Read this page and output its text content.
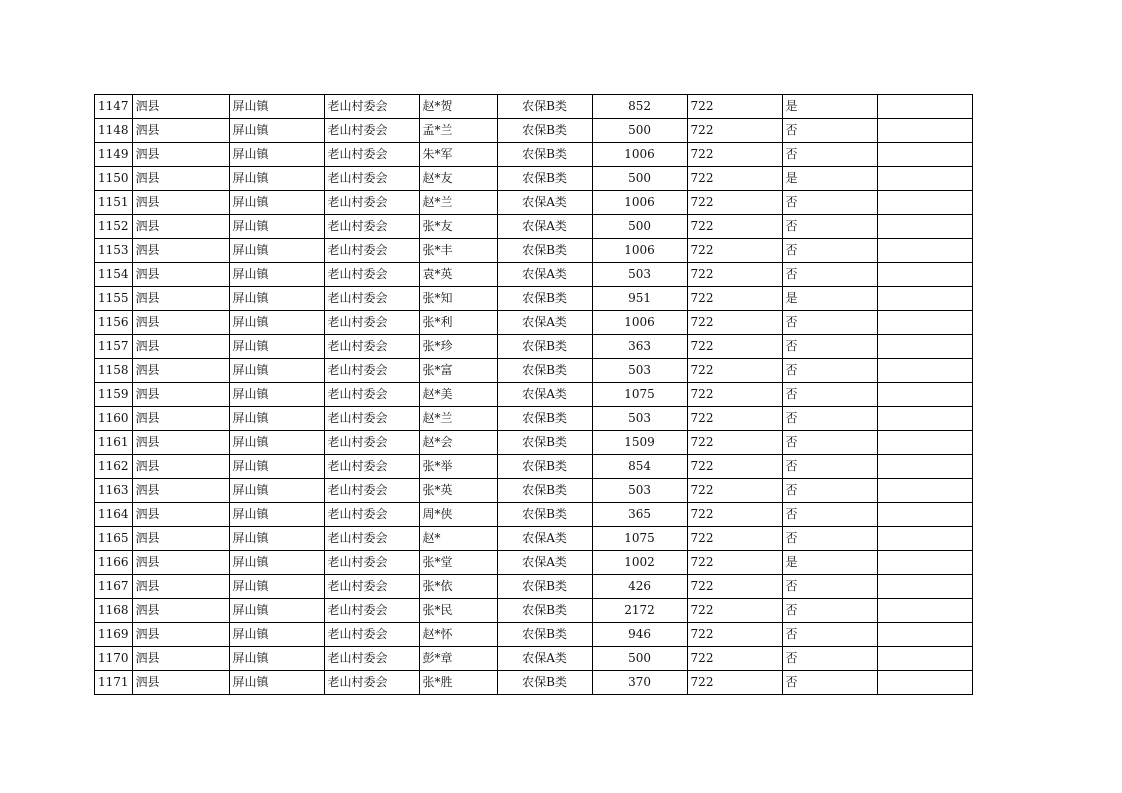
1147	泗县	屏山镇	老山村委会	赵*贺	农保B类	852	722	是	
1148	泗县	屏山镇	老山村委会	孟*兰	农保B类	500	722	否	
1149	泗县	屏山镇	老山村委会	朱*军	农保B类	1006	722	否	
1150	泗县	屏山镇	老山村委会	赵*友	农保B类	500	722	是	
1151	泗县	屏山镇	老山村委会	赵*兰	农保A类	1006	722	否	
1152	泗县	屏山镇	老山村委会	张*友	农保A类	500	722	否	
1153	泗县	屏山镇	老山村委会	张*丰	农保B类	1006	722	否	
1154	泗县	屏山镇	老山村委会	袁*英	农保A类	503	722	否	
1155	泗县	屏山镇	老山村委会	张*知	农保B类	951	722	是	
1156	泗县	屏山镇	老山村委会	张*利	农保A类	1006	722	否	
1157	泗县	屏山镇	老山村委会	张*珍	农保B类	363	722	否	
1158	泗县	屏山镇	老山村委会	张*富	农保B类	503	722	否	
1159	泗县	屏山镇	老山村委会	赵*美	农保A类	1075	722	否	
1160	泗县	屏山镇	老山村委会	赵*兰	农保B类	503	722	否	
1161	泗县	屏山镇	老山村委会	赵*会	农保B类	1509	722	否	
1162	泗县	屏山镇	老山村委会	张*举	农保B类	854	722	否	
1163	泗县	屏山镇	老山村委会	张*英	农保B类	503	722	否	
1164	泗县	屏山镇	老山村委会	周*侠	农保B类	365	722	否	
1165	泗县	屏山镇	老山村委会	赵*	农保A类	1075	722	否	
1166	泗县	屏山镇	老山村委会	张*堂	农保A类	1002	722	是	
1167	泗县	屏山镇	老山村委会	张*依	农保B类	426	722	否	
1168	泗县	屏山镇	老山村委会	张*民	农保B类	2172	722	否	
1169	泗县	屏山镇	老山村委会	赵*怀	农保B类	946	722	否	
1170	泗县	屏山镇	老山村委会	彭*章	农保A类	500	722	否	
1171	泗县	屏山镇	老山村委会	张*胜	农保B类	370	722	否	
